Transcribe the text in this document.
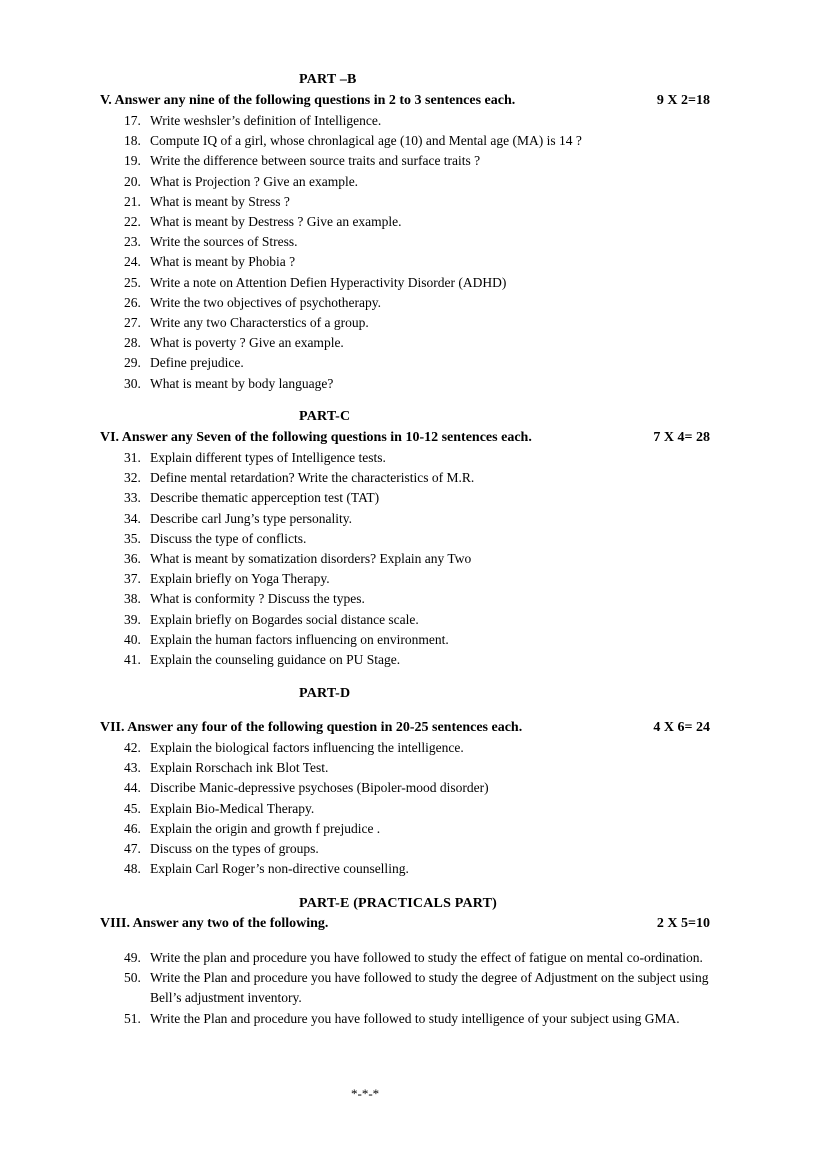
PART –B
V. Answer any nine of the following questions in 2 to 3 sentences each.	9 X 2=18
17. Write weshsler’s definition of Intelligence.
18. Compute IQ of a girl, whose chronlagical age (10) and Mental age (MA) is 14 ?
19. Write the difference between source traits and surface traits ?
20. What is Projection ? Give an example.
21. What is meant by Stress ?
22. What is meant by Destress ? Give an example.
23. Write the sources of Stress.
24. What is meant by Phobia ?
25. Write a note on Attention Defien Hyperactivity Disorder (ADHD)
26. Write the two objectives of psychotherapy.
27. Write any two Characterstics of a group.
28. What is poverty ? Give an example.
29. Define prejudice.
30. What is meant by body language?
PART-C
VI. Answer any Seven of the following questions in 10-12 sentences each.	7 X 4= 28
31. Explain different types of Intelligence tests.
32. Define mental retardation? Write the characteristics of M.R.
33. Describe thematic apperception test (TAT)
34. Describe carl Jung’s type personality.
35. Discuss the type of conflicts.
36. What is meant by somatization disorders? Explain any Two
37. Explain briefly on Yoga Therapy.
38. What is conformity ? Discuss the types.
39. Explain briefly on Bogardes social distance scale.
40. Explain the human factors influencing on environment.
41. Explain the counseling guidance on PU Stage.
PART-D
VII. Answer any four of the following question in 20-25 sentences each.	4 X 6= 24
42. Explain the biological factors influencing the intelligence.
43. Explain Rorschach ink Blot Test.
44. Discribe Manic-depressive psychoses (Bipoler-mood disorder)
45. Explain Bio-Medical Therapy.
46. Explain the origin and growth f prejudice .
47. Discuss on the types of groups.
48. Explain Carl Roger’s non-directive counselling.
PART-E (PRACTICALS PART)
VIII. Answer any two of the following.	2 X 5=10
49. Write the plan and procedure you have followed to study the effect of fatigue on mental co-ordination.
50. Write the Plan and procedure you have followed to study the degree of Adjustment on the subject using Bell’s adjustment inventory.
51. Write the Plan and procedure you have followed to study intelligence of your subject using GMA.
*-*-*
